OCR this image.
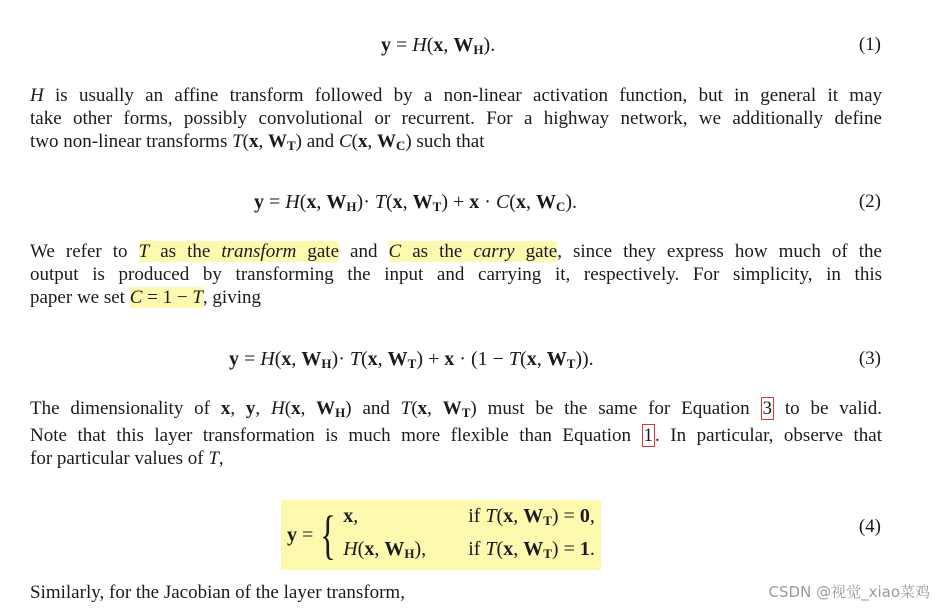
y = H(x, $W_H$).	(1)
H is usually an affine transform followed by a non-linear activation function, but in general it may
take other forms, possibly convolutional or recurrent. For a highway network, we additionally define
two non-linear transforms T(x, $W_T$) and C(x, $W_C$) such that
y = H(x, $W_H)\cdot T(x$, $W_T) + x \cdot C(x$, $W_C$).	(2)
We refer to T as the transform gate and C as the carry gate, since they express how much of the
output is produced by transforming the input and carrying it, respectively. For simplicity, in this
paper we set C = 1 − T, giving
y = H(x, $W_H)\cdot T(x$, $W_T) + x \cdot (1 - T(x$, $W_T$)).	(3)
The dimensionality of x, y, H(x, $W_H$) and T(x, $W_T$) must be the same for Equation 3 to be valid.
Note that this layer transformation is much more flexible than Equation 1 . In particular, observe that
for particular values of T,
y = { x,	if T(x, $W_T) = 0$,
H(x, $W_H$), if T(x, $W_T) = 1$.
(4)
Similarly, for the Jacobian of the layer transform,	CSDN @视觉_xiao菜鸡
